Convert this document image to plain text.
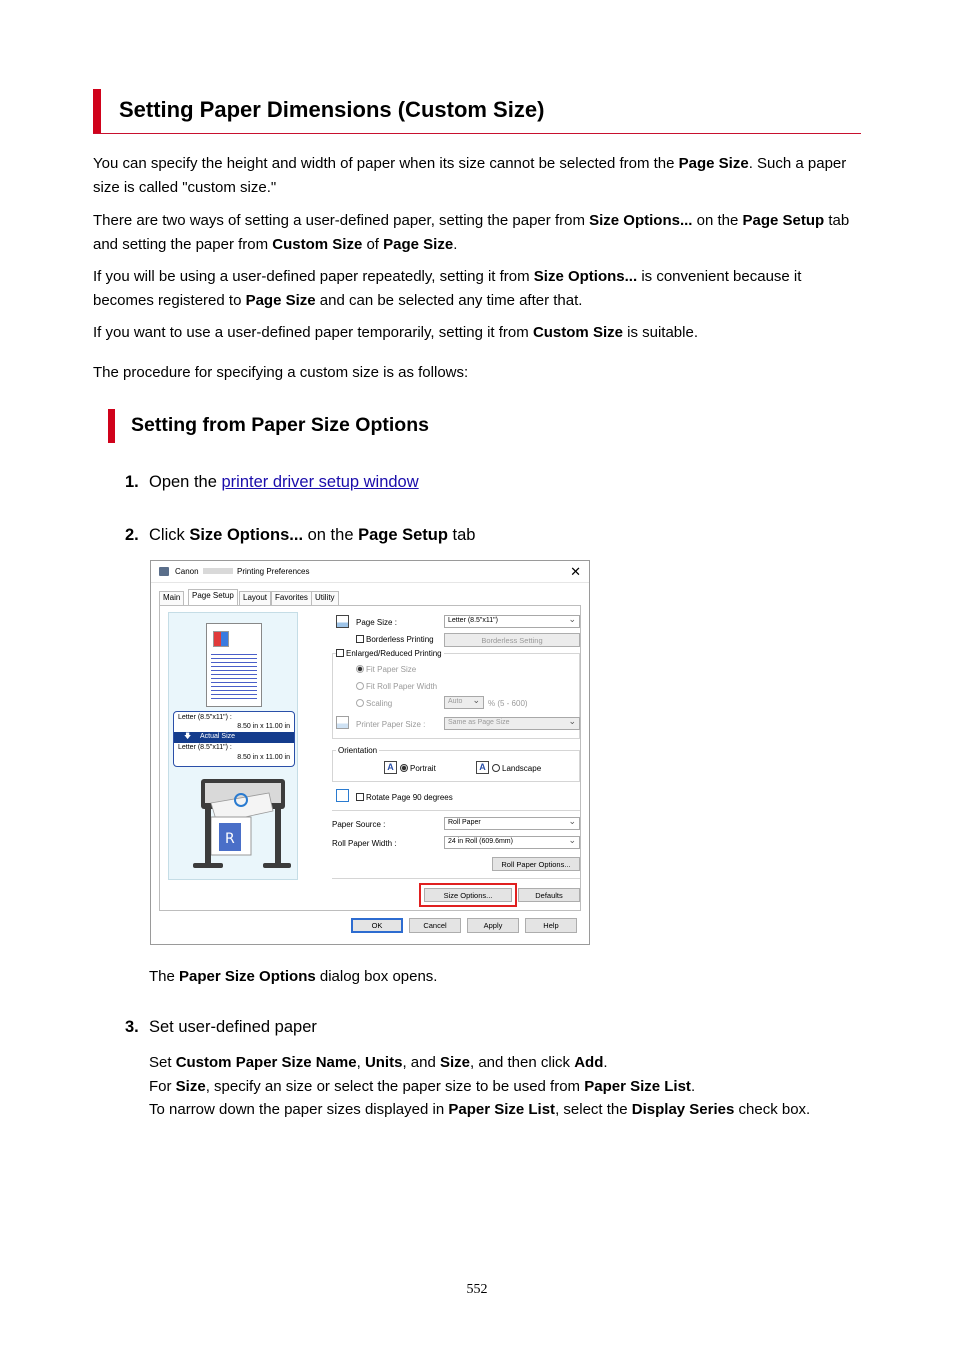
Setting Paper Dimensions (Custom Size)
You can specify the height and width of paper when its size cannot be selected from the Page Size. Such a paper size is called "custom size."
There are two ways of setting a user-defined paper, setting the paper from Size Options... on the Page Setup tab and setting the paper from Custom Size of Page Size.
If you will be using a user-defined paper repeatedly, setting it from Size Options... is convenient because it becomes registered to Page Size and can be selected any time after that.
If you want to use a user-defined paper temporarily, setting it from Custom Size is suitable.
The procedure for specifying a custom size is as follows:
Setting from Paper Size Options
1. Open the printer driver setup window
2. Click Size Options... on the Page Setup tab
Canon	Printing Preferences	✕
Main	Page Setup	Layout Favorites Utility
Letter (8.5"x11") :
8.50 in x 11.00 in
🡇 Actual Size
Letter (8.5"x11") :
8.50 in x 11.00 in
R
Page Size :	Letter (8.5"x11") ⌄
Borderless Printing	Borderless Setting
Enlarged/Reduced Printing
Fit Paper Size
Fit Roll Paper Width
Scaling	Auto ⌄	% (5 - 600)
Printer Paper Size :	Same as Page Size ⌄
Orientation
A	Portrait	A	Landscape
Rotate Page 90 degrees
Paper Source :	Roll Paper ⌄
Roll Paper Width :	24 in Roll (609.6mm) ⌄
Roll Paper Options...
Size Options...	Defaults
OK	Cancel	Apply	Help
The Paper Size Options dialog box opens.
3. Set user-defined paper
Set Custom Paper Size Name, Units, and Size, and then click Add.
For Size, specify an size or select the paper size to be used from Paper Size List.
To narrow down the paper sizes displayed in Paper Size List, select the Display Series check box.
552
